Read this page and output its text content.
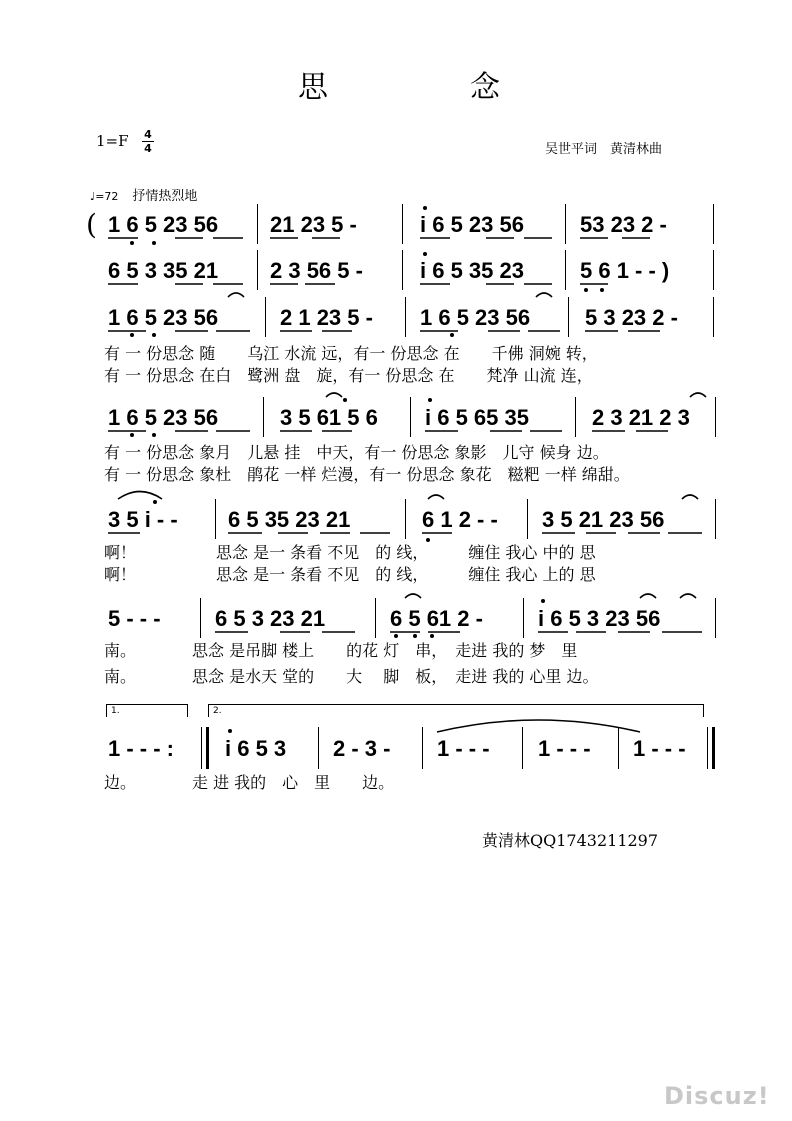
思	念
1=F 4
4	吴世平词　黄清林曲
♩=72 抒情热烈地
( 1 6 5 23 56 21 23 5 -	i 6 5 23 56	53 23 2 -
6 5 3 35 21 2 3 56 5 -	i 6 5 35 23	5 6 1 - - )
1 6 5 23 56	2 1 23 5 - 1 6 5 23 56 5 3 23 2 -
有 一 份思念 随　　乌江 水流 远，有一 份思念 在　　千佛 洞婉 转，
有 一 份思念 在白　鹭洲 盘　旋，有一 份思念 在　　梵净 山流 连，
1 6 5 23 56	3 5 61 5 6 i 6 5 65 35	2 3 21 2 3
有 一 份思念 象月　儿悬 挂　中天，有一 份思念 象影　儿守 候身 边。
有 一 份思念 象杜　鹃花 一样 烂漫，有一 份思念 象花　糍粑 一样 绵甜。
3 5 i - - 6 5 35 23 21	6 1 2 - - 3 5 21 23 56
啊！　　　　　思念 是一 条看 不见　的 线，　　　缠住 我心 中的 思
啊！　　　　　思念 是一 条看 不见　的 线，　　　缠住 我心 上的 思
5 - - - 6 5 3 23 21	6 5 61 2 -	i 6 5 3 23 56
南。　　　　思念 是吊脚 楼上　　的花 灯　串，　走进 我的 梦　里
南。　　　　思念 是水天 堂的　　大　 脚　板，　走进 我的 心里 边。
1.	2.
1 - - - : i 6 5 3 2 - 3 - 1 - - - 1 - - - 1 - - -
边。　　　　走 进 我的　心　里　　边。
黄清林QQ1743211297
Discuz!
